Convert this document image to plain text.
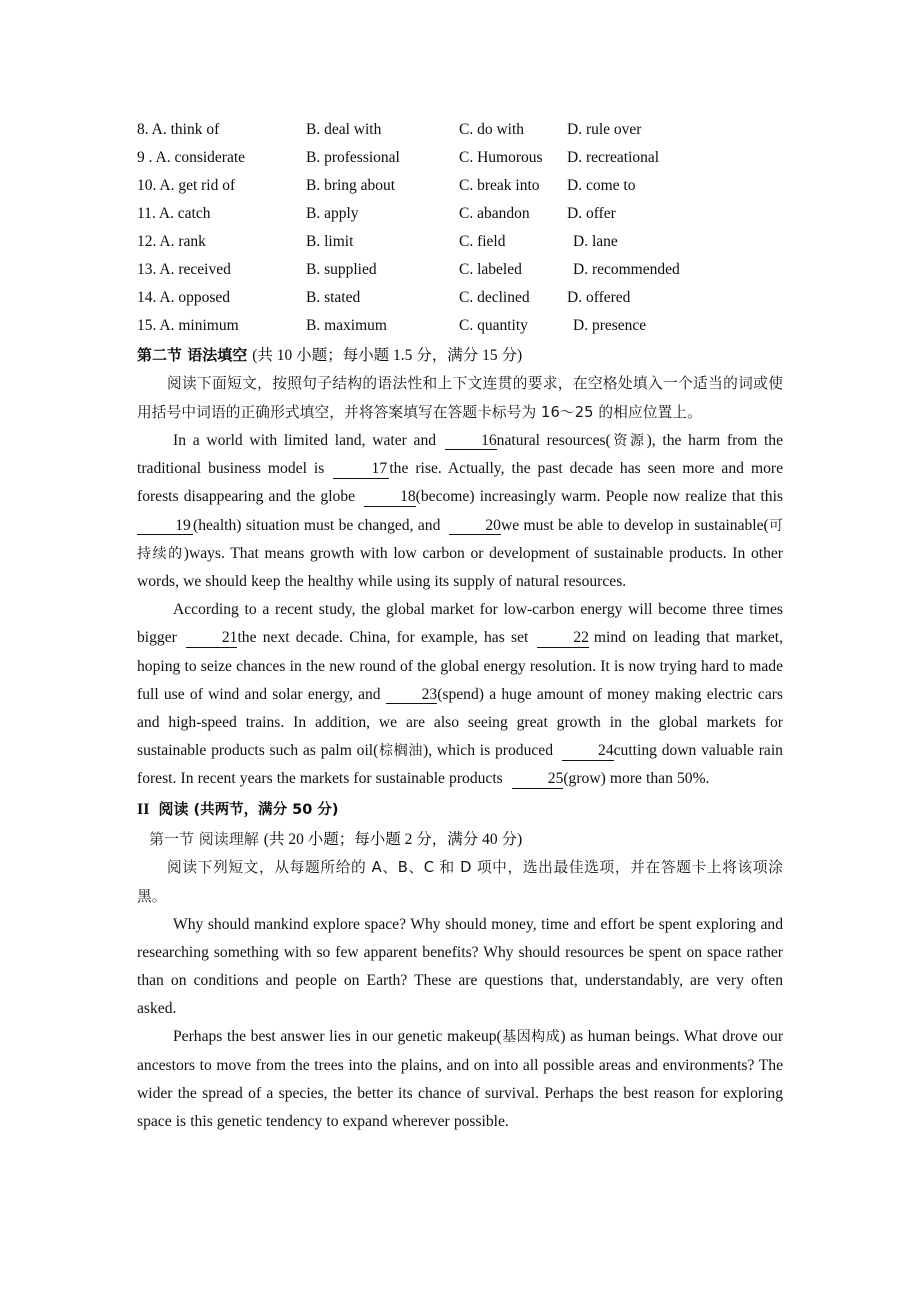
8. A. think of	B. deal with	C. do with	D. rule over
9 . A. considerate	B. professional	C. Humorous D. recreational
10. A. get rid of	B. bring about	C. break into D. come to
11. A. catch	B. apply	C. abandon D. offer
12. A. rank	B. limit	C. field	D. lane
13. A. received	B. supplied	C. labeled	D. recommended
14. A. opposed	B. stated	C. declined D. offered
15. A. minimum	B. maximum	C. quantity	D. presence
第二节 语法填空 (共 10 小题；每小题 1.5 分，满分 15 分)

阅读下面短文，按照句子结构的语法性和上下文连贯的要求，在空格处填入一个适当的词或使用括号中词语的正确形式填空，并将答案填写在答题卡标号为 16～25 的相应位置上。

In a world with limited land, water and	16natural resources(资源), the harm from the traditional business model is	17 the rise. Actually, the past decade has seen more and more forests disappearing and the globe	18(become) increasingly warm. People now realize that this19 (health) situation must be changed, and	20we must be able to develop in sustainable(可持续的)ways. That means growth with low carbon or development of sustainable products. In other words, we should keep the healthy while using its supply of natural resources.

According to a recent study, the global market for low-carbon energy will become three times bigger	21the next decade. China, for example, has set	22 mind on leading that market, hoping to seize chances in the new round of the global energy resolution. It is now trying hard to made full use of wind and solar energy, and	23(spend) a huge amount of money making electric cars and high-speed trains. In addition, we are also seeing great growth in the global markets for sustainable products such as palm oil(棕榈油), which is produced	24cutting down valuable rain forest. In recent years the markets for sustainable products	25(grow) more than 50%.

II 阅读 (共两节，满分 50 分)
第一节 阅读理解 (共 20 小题；每小题 2 分，满分 40 分)

阅读下列短文，从每题所给的 A、B、C 和 D 项中，选出最佳选项，并在答题卡上将该项涂黑。

Why should mankind explore space? Why should money, time and effort be spent exploring and researching something with so few apparent benefits? Why should resources be spent on space rather than on conditions and people on Earth? These are questions that, understandably, are very often asked.

Perhaps the best answer lies in our genetic makeup(基因构成) as human beings. What drove our ancestors to move from the trees into the plains, and on into all possible areas and environments? The wider the spread of a species, the better its chance of survival. Perhaps the best reason for exploring space is this genetic tendency to expand wherever possible.
